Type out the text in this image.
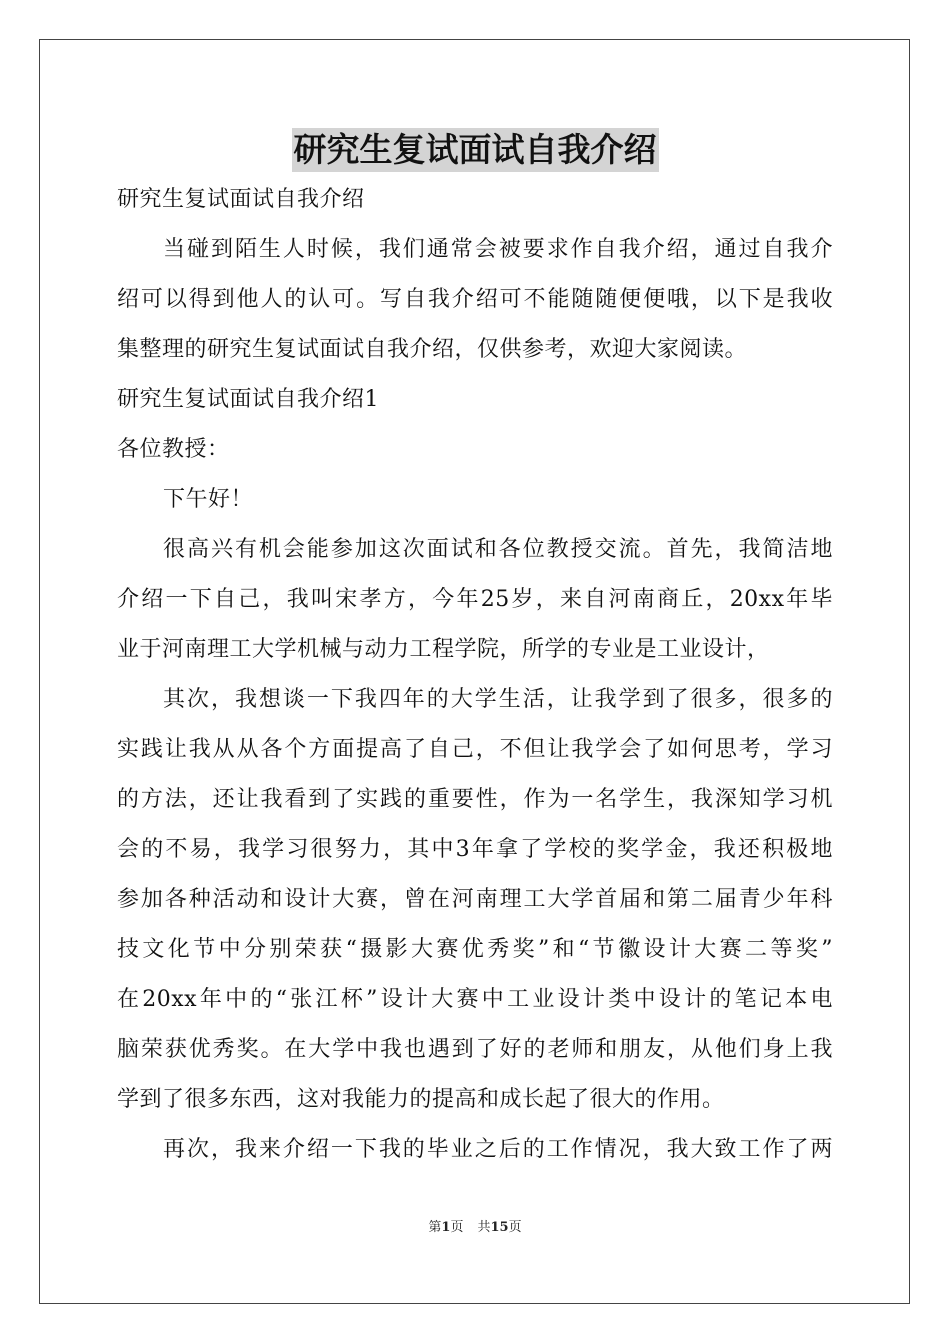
研究生复试面试自我介绍
研究生复试面试自我介绍
当碰到陌生人时候，我们通常会被要求作自我介绍，通过自我介
绍可以得到他人的认可。写自我介绍可不能随随便便哦，以下是我收
集整理的研究生复试面试自我介绍，仅供参考，欢迎大家阅读。
研究生复试面试自我介绍1
各位教授：
下午好！
很高兴有机会能参加这次面试和各位教授交流。首先，我简洁地
介绍一下自己，我叫宋孝方，今年25岁，来自河南商丘，20xx年毕
业于河南理工大学机械与动力工程学院，所学的专业是工业设计，
其次，我想谈一下我四年的大学生活，让我学到了很多，很多的
实践让我从从各个方面提高了自己，不但让我学会了如何思考，学习
的方法，还让我看到了实践的重要性，作为一名学生，我深知学习机
会的不易，我学习很努力，其中3年拿了学校的奖学金，我还积极地
参加各种活动和设计大赛，曾在河南理工大学首届和第二届青少年科
技文化节中分别荣获“摄影大赛优秀奖”和“节徽设计大赛二等奖”
在20xx年中的“张江杯”设计大赛中工业设计类中设计的笔记本电
脑荣获优秀奖。在大学中我也遇到了好的老师和朋友，从他们身上我
学到了很多东西，这对我能力的提高和成长起了很大的作用。
再次，我来介绍一下我的毕业之后的工作情况，我大致工作了两
第1页 共15页
